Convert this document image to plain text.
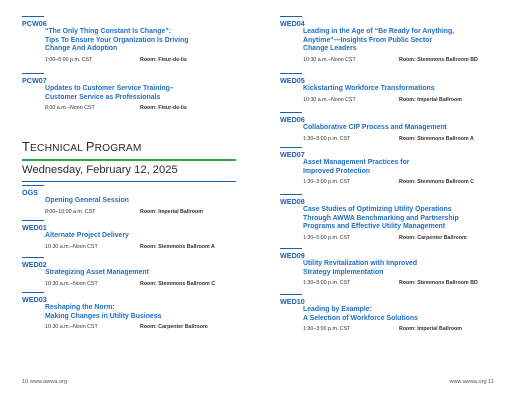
PCW06
“The Only Thing Constant Is Change”:
Tips To Ensure Your Organization Is Driving
Change And Adoption
1:00–5:00 p.m. CST	Room: Fleur-de-lis
PCW07
Updates to Customer Service Training–
Customer Service as Professionals
8:00 a.m.–Noon CST	Room: Fleur-de-lis
TECHNICAL PROGRAM
Wednesday, February 12, 2025
OGS
Opening General Session
8:00–10:00 a.m. CST	Room: Imperial Ballroom
WED01
Alternate Project Delivery
10:30 a.m.–Noon CST	Room: Stemmons Ballroom A
WED02
Strategizing Asset Management
10:30 a.m.–Noon CST	Room: Stemmons Ballroom C
WED03
Reshaping the Norm:
Making Changes in Utility Business
10:30 a.m.–Noon CST	Room: Carpenter Ballroom
10 www.awwa.org
WED04
Leading in the Age of “Be Ready for Anything,
Anytime”—Insights From Public Sector
Change Leaders
10:30 a.m.–Noon CST	Room: Stemmons Ballroom BD
WED05
Kickstarting Workforce Transformations
10:30 a.m.–Noon CST	Room: Imperial Ballroom
WED06
Collaborative CIP Process and Management
1:30–3:00 p.m. CST	Room: Stemmons Ballroom A
WED07
Asset Management Practices for
Improved Protection
1:30–3:00 p.m. CST	Room: Stemmons Ballroom C
WED08
Case Studies of Optimizing Utility Operations
Through AWWA Benchmarking and Partnership
Programs and Effective Utility Management
1:30–5:00 p.m. CST	Room: Carpenter Ballroom
WED09
Utility Revitalization with Improved
Strategy Implementation
1:30–3:00 p.m. CST	Room: Stemmons Ballroom BD
WED10
Leading by Example:
A Selection of Workforce Solutions
1:30–3:00 p.m. CST	Room: Imperial Ballroom
www.awwa.org 11
